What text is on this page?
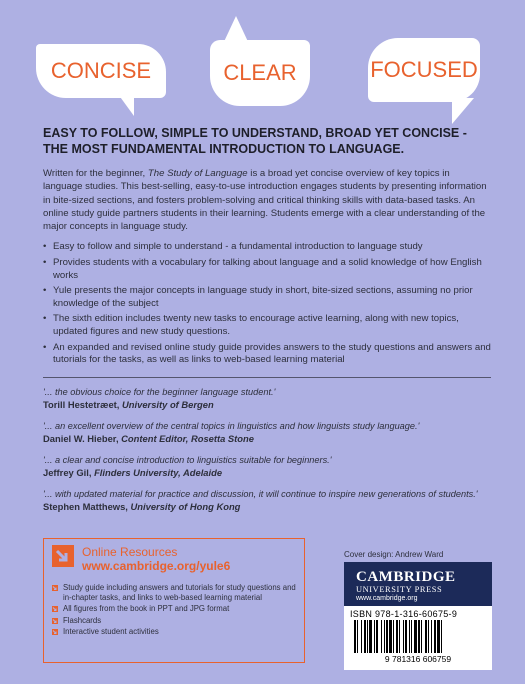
CONCISE	CLEAR	FOCUSED
EASY TO FOLLOW, SIMPLE TO UNDERSTAND, BROAD YET CONCISE -
THE MOST FUNDAMENTAL INTRODUCTION TO LANGUAGE.

Written for the beginner, The Study of Language is a broad yet concise overview of key topics in language studies. This best-selling, easy-to-use introduction engages students by presenting information in bite-sized sections, and fosters problem-solving and critical thinking skills with data-based tasks. An online study guide partners students in their learning. Students emerge with a clear understanding of the major concepts in language study.

• Easy to follow and simple to understand - a fundamental introduction to language study
• Provides students with a vocabulary for talking about language and a solid knowledge of how English works
• Yule presents the major concepts in language study in short, bite-sized sections, assuming no prior knowledge of the subject
• The sixth edition includes twenty new tasks to encourage active learning, along with new topics, updated figures and new study questions.
• An expanded and revised online study guide provides answers to the study questions and answers and tutorials for the tasks, as well as links to web-based learning material

'... the obvious choice for the beginner language student.'

Torill Hestetræet, University of Bergen

'... an excellent overview of the central topics in linguistics and how linguists study language.'

Daniel W. Hieber, Content Editor, Rosetta Stone

'... a clear and concise introduction to linguistics suitable for beginners.'

Jeffrey Gil, Flinders University, Adelaide

'... with updated material for practice and discussion, it will continue to inspire new generations of students.'

Stephen Matthews, University of Hong Kong

Online Resources
www.cambridge.org/yule6
Study guide including answers and tutorials for study questions and in-chapter tasks, and links to web-based learning material
All figures from the book in PPT and JPG format
Flashcards
Interactive student activities
Cover design: Andrew Ward
CAMBRIDGE
UNIVERSITY PRESS
www.cambridge.org
ISBN 978-1-316-60675-9
9 781316 606759
